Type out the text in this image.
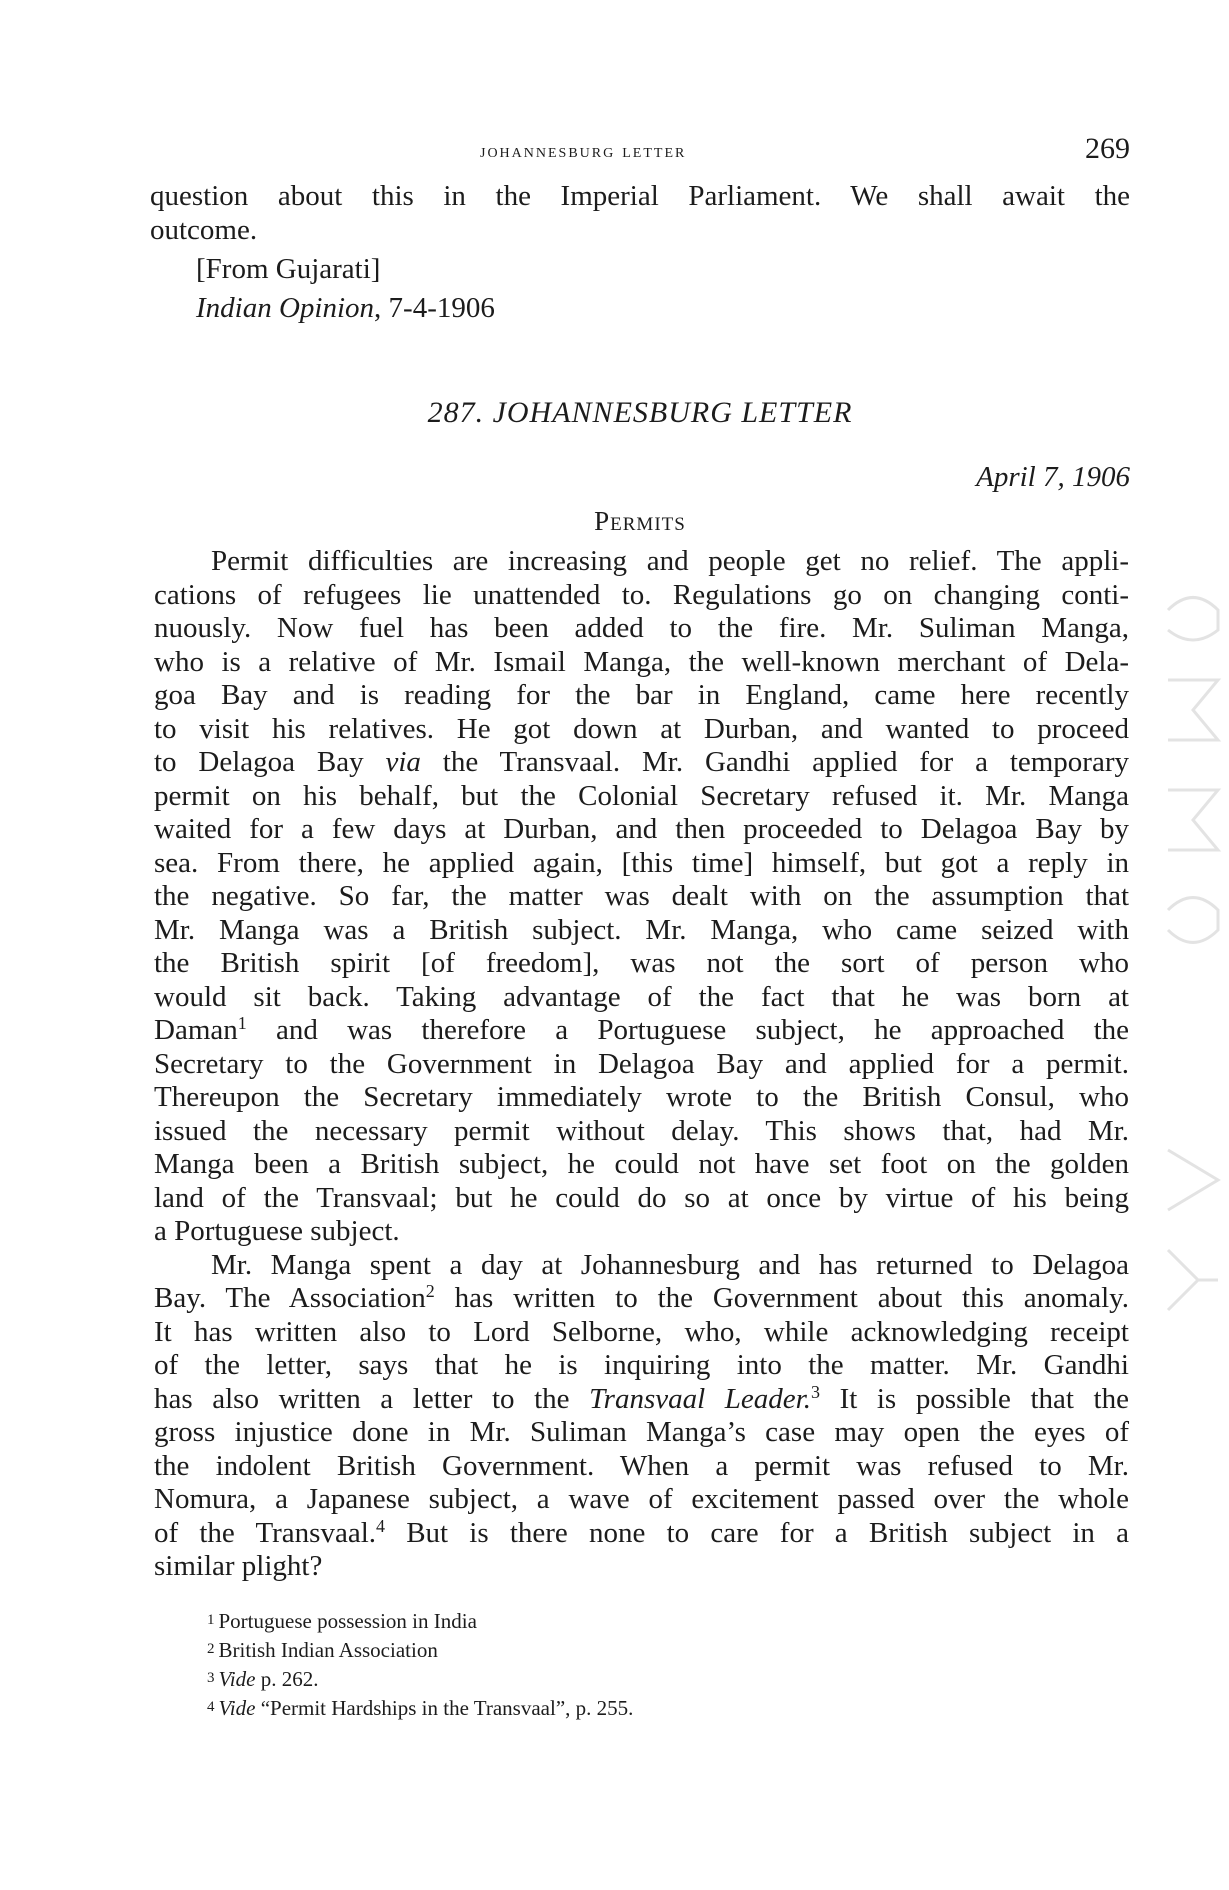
johannesburg letter	269
question about this in the Imperial Parliament. We shall await the
outcome.
[From Gujarati]
Indian Opinion, 7-4-1906
287. JOHANNESBURG LETTER
April 7, 1906
Permits
Permit difficulties are increasing and people get no relief. The appli-
cations of refugees lie unattended to. Regulations go on changing conti-
nuously. Now fuel has been added to the fire. Mr. Suliman Manga,
who is a relative of Mr. Ismail Manga, the well-known merchant of Dela-
goa Bay and is reading for the bar in England, came here recently
to visit his relatives. He got down at Durban, and wanted to proceed
to Delagoa Bay via the Transvaal. Mr. Gandhi applied for a temporary
permit on his behalf, but the Colonial Secretary refused it. Mr. Manga
waited for a few days at Durban, and then proceeded to Delagoa Bay by
sea. From there, he applied again, [this time] himself, but got a reply in
the negative. So far, the matter was dealt with on the assumption that
Mr. Manga was a British subject. Mr. Manga, who came seized with
the British spirit [of freedom], was not the sort of person who
would sit back. Taking advantage of the fact that he was born at
Daman$^1$ and was therefore a Portuguese subject, he approached the
Secretary to the Government in Delagoa Bay and applied for a permit.
Thereupon the Secretary immediately wrote to the British Consul, who
issued the necessary permit without delay. This shows that, had Mr.
Manga been a British subject, he could not have set foot on the golden
land of the Transvaal; but he could do so at once by virtue of his being
a Portuguese subject.
Mr. Manga spent a day at Johannesburg and has returned to Delagoa
Bay. The Association$^2$ has written to the Government about this anomaly.
It has written also to Lord Selborne, who, while acknowledging receipt
of the letter, says that he is inquiring into the matter. Mr. Gandhi
has also written a letter to the Transvaal Leader.$^3$ It is possible that the
gross injustice done in Mr. Suliman Manga’s case may open the eyes of
the indolent British Government. When a permit was refused to Mr.
Nomura, a Japanese subject, a wave of excitement passed over the whole
of the Transvaal.$^4$ But is there none to care for a British subject in a
similar plight?
1 Portuguese possession in India
2 British Indian Association
3 Vide p. 262.
4 Vide “Permit Hardships in the Transvaal”, p. 255.
